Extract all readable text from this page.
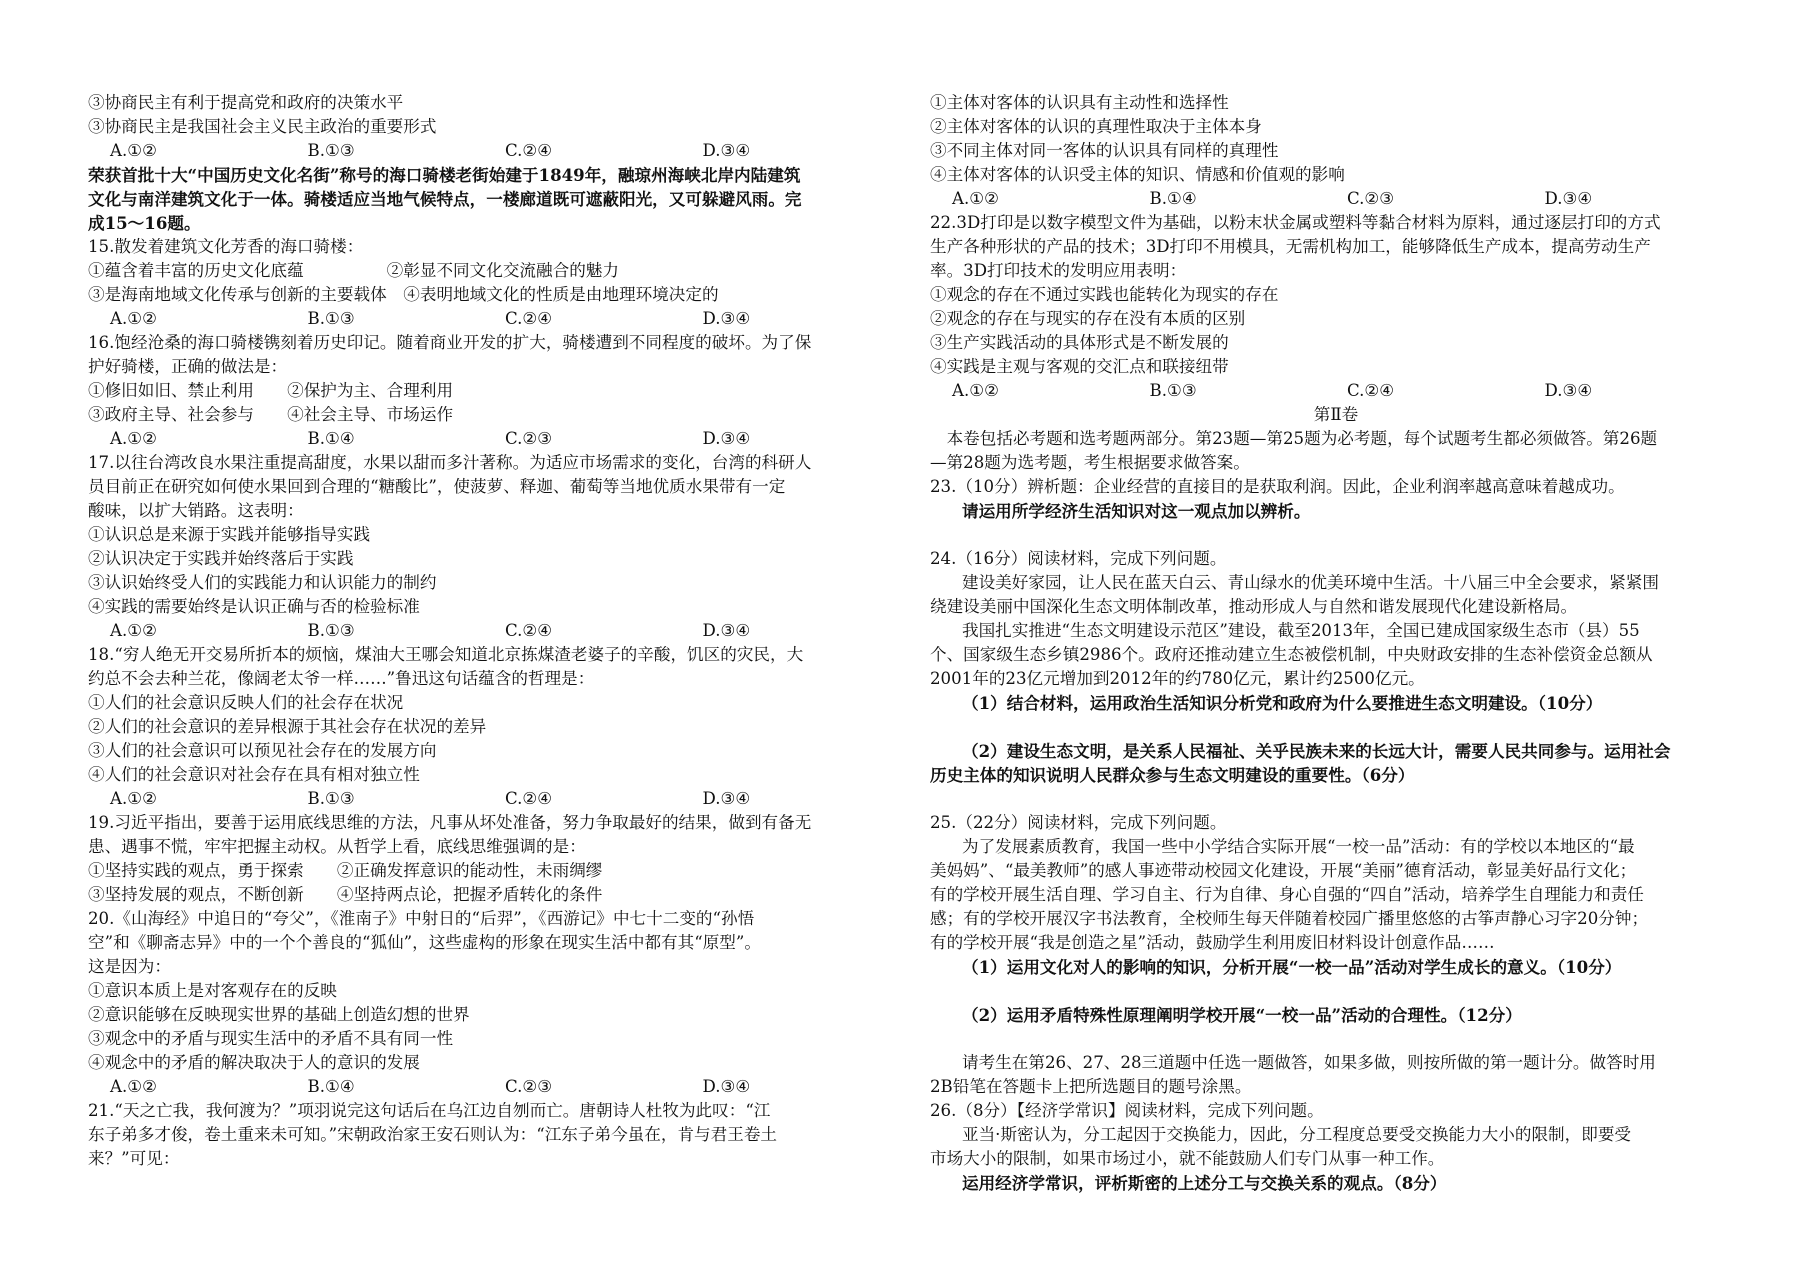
③协商民主有利于提高党和政府的决策水平
③协商民主是我国社会主义民主政治的重要形式
A.①②	B.①③	C.②④	D.③④
荣获首批十大“中国历史文化名街”称号的海口骑楼老街始建于1849年，融琼州海峡北岸内陆建筑
文化与南洋建筑文化于一体。骑楼适应当地气候特点，一楼廊道既可遮蔽阳光，又可躲避风雨。完
成15～16题。
15.散发着建筑文化芳香的海口骑楼：
①蕴含着丰富的历史文化底蕴　　　　　②彰显不同文化交流融合的魅力
③是海南地域文化传承与创新的主要载体　④表明地域文化的性质是由地理环境决定的
A.①②	B.①③	C.②④	D.③④
16.饱经沧桑的海口骑楼镌刻着历史印记。随着商业开发的扩大，骑楼遭到不同程度的破坏。为了保
护好骑楼，正确的做法是：
①修旧如旧、禁止利用　　②保护为主、合理利用
③政府主导、社会参与　　④社会主导、市场运作
A.①②	B.①④	C.②③	D.③④
17.以往台湾改良水果注重提高甜度，水果以甜而多汁著称。为适应市场需求的变化，台湾的科研人
员目前正在研究如何使水果回到合理的“糖酸比”，使菠萝、释迦、葡萄等当地优质水果带有一定
酸味，以扩大销路。这表明：
①认识总是来源于实践并能够指导实践
②认识决定于实践并始终落后于实践
③认识始终受人们的实践能力和认识能力的制约
④实践的需要始终是认识正确与否的检验标准
A.①②	B.①③	C.②④	D.③④
18.“穷人绝无开交易所折本的烦恼，煤油大王哪会知道北京拣煤渣老婆子的辛酸，饥区的灾民，大
约总不会去种兰花，像阔老太爷一样……”鲁迅这句话蕴含的哲理是：
①人们的社会意识反映人们的社会存在状况
②人们的社会意识的差异根源于其社会存在状况的差异
③人们的社会意识可以预见社会存在的发展方向
④人们的社会意识对社会存在具有相对独立性
A.①②	B.①③	C.②④	D.③④
19.习近平指出，要善于运用底线思维的方法，凡事从坏处准备，努力争取最好的结果，做到有备无
患、遇事不慌，牢牢把握主动权。从哲学上看，底线思维强调的是：
①坚持实践的观点，勇于探索　　②正确发挥意识的能动性，未雨绸缪
③坚持发展的观点，不断创新　　④坚持两点论，把握矛盾转化的条件
20.《山海经》中追日的“夸父”，《淮南子》中射日的“后羿”，《西游记》中七十二变的“孙悟
空”和《聊斋志异》中的一个个善良的“狐仙”，这些虚构的形象在现实生活中都有其“原型”。
这是因为：
①意识本质上是对客观存在的反映
②意识能够在反映现实世界的基础上创造幻想的世界
③观念中的矛盾与现实生活中的矛盾不具有同一性
④观念中的矛盾的解决取决于人的意识的发展
A.①②	B.①④	C.②③	D.③④
21.“天之亡我，我何渡为？”项羽说完这句话后在乌江边自刎而亡。唐朝诗人杜牧为此叹：“江
东子弟多才俊，卷土重来未可知。”宋朝政治家王安石则认为：“江东子弟今虽在，肯与君王卷土
来？”可见：
①主体对客体的认识具有主动性和选择性
②主体对客体的认识的真理性取决于主体本身
③不同主体对同一客体的认识具有同样的真理性
④主体对客体的认识受主体的知识、情感和价值观的影响
A.①②	B.①④	C.②③	D.③④
22.3D打印是以数字模型文件为基础，以粉末状金属或塑料等黏合材料为原料，通过逐层打印的方式
生产各种形状的产品的技术；3D打印不用模具，无需机构加工，能够降低生产成本，提高劳动生产
率。3D打印技术的发明应用表明：
①观念的存在不通过实践也能转化为现实的存在
②观念的存在与现实的存在没有本质的区别
③生产实践活动的具体形式是不断发展的
④实践是主观与客观的交汇点和联接纽带
A.①②	B.①③	C.②④	D.③④
第Ⅱ卷
　本卷包括必考题和选考题两部分。第23题—第25题为必考题，每个试题考生都必须做答。第26题
—第28题为选考题，考生根据要求做答案。
23.（10分）辨析题：企业经营的直接目的是获取利润。因此，企业利润率越高意味着越成功。
请运用所学经济生活知识对这一观点加以辨析。
24.（16分）阅读材料，完成下列问题。
建设美好家园，让人民在蓝天白云、青山绿水的优美环境中生活。十八届三中全会要求，紧紧围
绕建设美丽中国深化生态文明体制改革，推动形成人与自然和谐发展现代化建设新格局。
我国扎实推进“生态文明建设示范区”建设，截至2013年，全国已建成国家级生态市（县）55
个、国家级生态乡镇2986个。政府还推动建立生态被偿机制，中央财政安排的生态补偿资金总额从
2001年的23亿元增加到2012年的约780亿元，累计约2500亿元。
（1）结合材料，运用政治生活知识分析党和政府为什么要推进生态文明建设。（10分）
（2）建设生态文明，是关系人民福祉、关乎民族未来的长远大计，需要人民共同参与。运用社会
历史主体的知识说明人民群众参与生态文明建设的重要性。（6分）
25.（22分）阅读材料，完成下列问题。
为了发展素质教育，我国一些中小学结合实际开展“一校一品”活动：有的学校以本地区的“最
美妈妈”、“最美教师”的感人事迹带动校园文化建设，开展“美丽”德育活动，彰显美好品行文化；
有的学校开展生活自理、学习自主、行为自律、身心自强的“四自”活动，培养学生自理能力和责任
感；有的学校开展汉字书法教育，全校师生每天伴随着校园广播里悠悠的古筝声静心习字20分钟；
有的学校开展“我是创造之星”活动，鼓励学生利用废旧材料设计创意作品……
（1）运用文化对人的影响的知识，分析开展“一校一品”活动对学生成长的意义。（10分）
（2）运用矛盾特殊性原理阐明学校开展“一校一品”活动的合理性。（12分）
请考生在第26、27、28三道题中任选一题做答，如果多做，则按所做的第一题计分。做答时用
2B铅笔在答题卡上把所选题目的题号涂黑。
26.（8分）【经济学常识】阅读材料，完成下列问题。
亚当·斯密认为，分工起因于交换能力，因此，分工程度总要受交换能力大小的限制，即要受
市场大小的限制，如果市场过小，就不能鼓励人们专门从事一种工作。
运用经济学常识，评析斯密的上述分工与交换关系的观点。（8分）
